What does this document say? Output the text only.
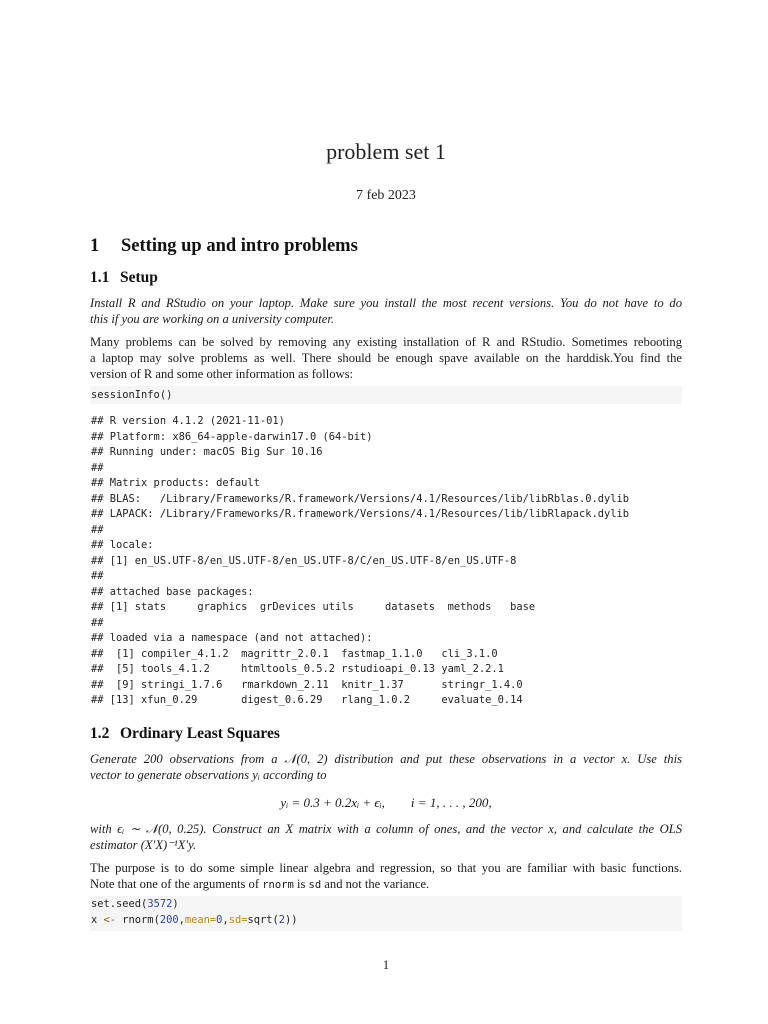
problem set 1
7 feb 2023
1 Setting up and intro problems
1.1 Setup
Install R and RStudio on your laptop. Make sure you install the most recent versions. You do not have to do
this if you are working on a university computer.
Many problems can be solved by removing any existing installation of R and RStudio. Sometimes rebooting
a laptop may solve problems as well. There should be enough spave available on the harddisk.You find the
version of R and some other information as follows:
sessionInfo()
## R version 4.1.2 (2021-11-01)
## Platform: x86_64-apple-darwin17.0 (64-bit)
## Running under: macOS Big Sur 10.16
##
## Matrix products: default
## BLAS:   /Library/Frameworks/R.framework/Versions/4.1/Resources/lib/libRblas.0.dylib
## LAPACK: /Library/Frameworks/R.framework/Versions/4.1/Resources/lib/libRlapack.dylib
##
## locale:
## [1] en_US.UTF-8/en_US.UTF-8/en_US.UTF-8/C/en_US.UTF-8/en_US.UTF-8
##
## attached base packages:
## [1] stats     graphics  grDevices utils     datasets  methods   base
##
## loaded via a namespace (and not attached):
##  [1] compiler_4.1.2  magrittr_2.0.1  fastmap_1.1.0   cli_3.1.0
##  [5] tools_4.1.2     htmltools_0.5.2 rstudioapi_0.13 yaml_2.2.1
##  [9] stringi_1.7.6   rmarkdown_2.11  knitr_1.37      stringr_1.4.0
## [13] xfun_0.29       digest_0.6.29   rlang_1.0.2     evaluate_0.14
1.2 Ordinary Least Squares
Generate 200 observations from a 𝒩(0, 2) distribution and put these observations in a vector x. Use this
vector to generate observations yᵢ according to
yᵢ = 0.3 + 0.2xᵢ + ϵᵢ,        i = 1, . . . , 200,
with ϵᵢ ∼ 𝒩(0, 0.25). Construct an X matrix with a column of ones, and the vector x, and calculate the OLS
estimator (X′X)⁻¹X′y.
The purpose is to do some simple linear algebra and regression, so that you are familiar with basic functions.
Note that one of the arguments of rnorm is sd and not the variance.
set.seed(3572)
x <- rnorm(200,mean=0,sd=sqrt(2))
1
